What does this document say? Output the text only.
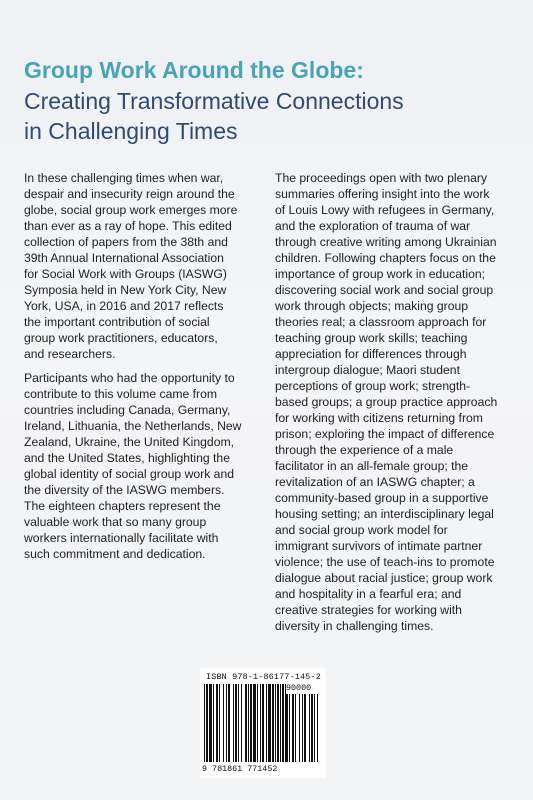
Group Work Around the Globe:
Creating Transformative Connections
in Challenging Times

In these challenging times when war,
despair and insecurity reign around the
globe, social group work emerges more
than ever as a ray of hope. This edited
collection of papers from the 38th and
39th Annual International Association
for Social Work with Groups (IASWG)
Symposia held in New York City, New
York, USA, in 2016 and 2017 reflects
the important contribution of social
group work practitioners, educators,
and researchers.

Participants who had the opportunity to
contribute to this volume came from
countries including Canada, Germany,
Ireland, Lithuania, the Netherlands, New
Zealand, Ukraine, the United Kingdom,
and the United States, highlighting the
global identity of social group work and
the diversity of the IASWG members.
The eighteen chapters represent the
valuable work that so many group
workers internationally facilitate with
such commitment and dedication.

The proceedings open with two plenary
summaries offering insight into the work
of Louis Lowy with refugees in Germany,
and the exploration of trauma of war
through creative writing among Ukrainian
children. Following chapters focus on the
importance of group work in education;
discovering social work and social group
work through objects; making group
theories real; a classroom approach for
teaching group work skills; teaching
appreciation for differences through
intergroup dialogue; Maori student
perceptions of group work; strength-
based groups; a group practice approach
for working with citizens returning from
prison; exploring the impact of difference
through the experience of a male
facilitator in an all-female group; the
revitalization of an IASWG chapter; a
community-based group in a supportive
housing setting; an interdisciplinary legal
and social group work model for
immigrant survivors of intimate partner
violence; the use of teach-ins to promote
dialogue about racial justice; group work
and hospitality in a fearful era; and
creative strategies for working with
diversity in challenging times.

ISBN 978-1-86177-145-2
90000
9 781861 771452
